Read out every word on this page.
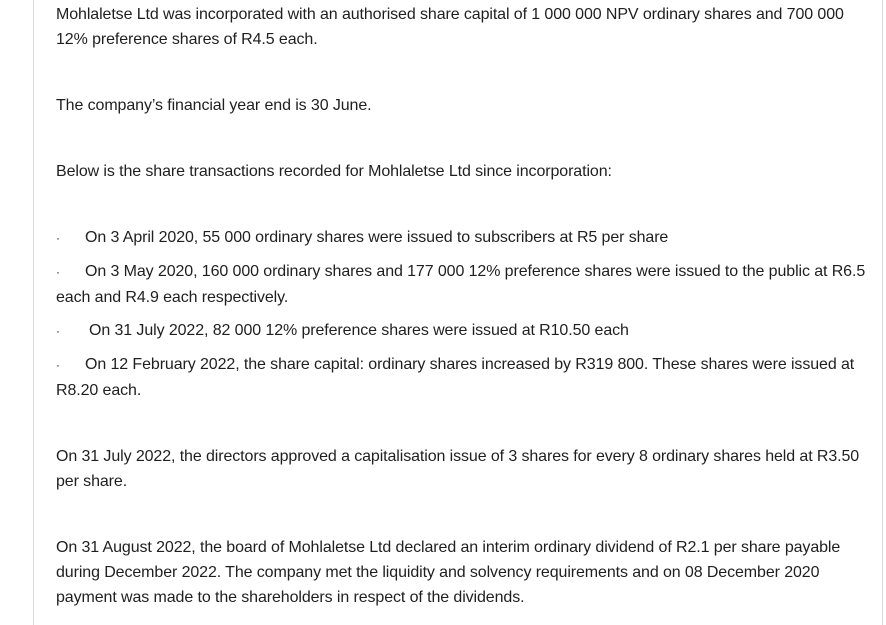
Mohlaletse Ltd was incorporated with an authorised share capital of 1 000 000 NPV ordinary shares and 700 000 12% preference shares of R4.5 each.

The company’s financial year end is 30 June.

Below is the share transactions recorded for Mohlaletse Ltd since incorporation:

· On 3 April 2020, 55 000 ordinary shares were issued to subscribers at R5 per share
· On 3 May 2020, 160 000 ordinary shares and 177 000 12% preference shares were issued to the public at R6.5 each and R4.9 each respectively.
· On 31 July 2022, 82 000 12% preference shares were issued at R10.50 each
· On 12 February 2022, the share capital: ordinary shares increased by R319 800. These shares were issued at R8.20 each.

On 31 July 2022, the directors approved a capitalisation issue of 3 shares for every 8 ordinary shares held at R3.50 per share.

On 31 August 2022, the board of Mohlaletse Ltd declared an interim ordinary dividend of R2.1 per share payable during December 2022. The company met the liquidity and solvency requirements and on 08 December 2020 payment was made to the shareholders in respect of the dividends.
